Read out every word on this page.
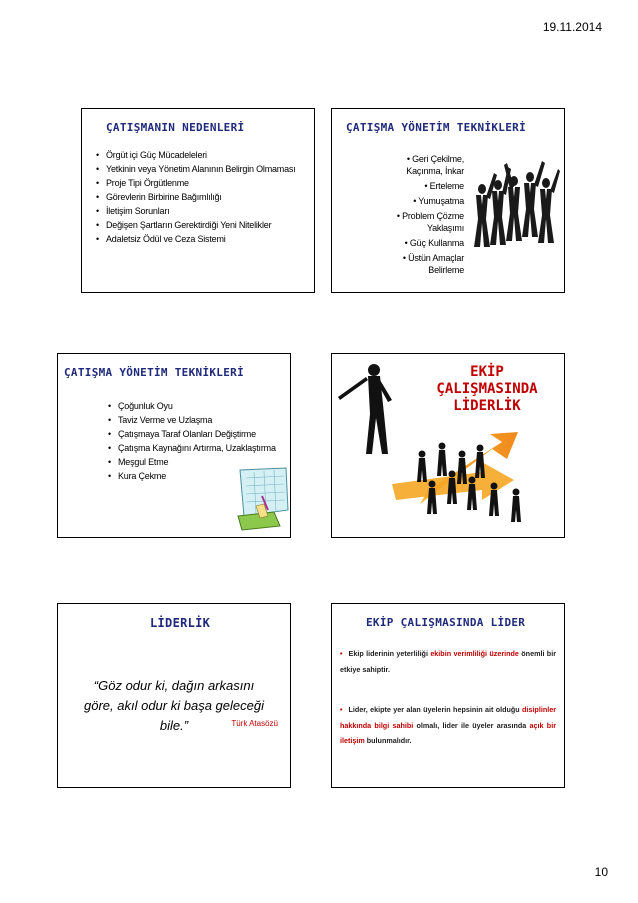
19.11.2014
ÇATIŞMANIN NEDENLERİ
• Örgüt içi Güç Mücadeleleri
• Yetkinin veya Yönetim Alanının Belirgin Olmaması
• Proje Tipi Örgütlenme
• Görevlerin Birbirine Bağımlılığı
• İletişim Sorunları
• Değişen Şartların Gerektirdiği Yeni Nitelikler
• Adaletsiz Ödül ve Ceza Sistemi
ÇATIŞMA YÖNETİM TEKNİKLERİ
• Geri Çekilme, Kaçınma, İnkar
• Erteleme
• Yumuşatma
• Problem Çözme Yaklaşımı
• Güç Kullanma
• Üstün Amaçlar Belirleme
ÇATIŞMA YÖNETİM TEKNİKLERİ
• Çoğunluk Oyu
• Taviz Verme ve Uzlaşma
• Çatışmaya Taraf Olanları Değiştirme
• Çatışma Kaynağını Artırma, Uzaklaştırma
• Meşgul Etme
• Kura Çekme
EKİP
ÇALIŞMASINDA
LİDERLİK
LİDERLİK
“Göz odur ki, dağın arkasını göre, akıl odur ki başa geleceği bile.”	Türk Atasözü
EKİP ÇALIŞMASINDA LİDER
• Ekip liderinin yeterliliği ekibin verimliliği üzerinde önemli bir etkiye sahiptir.
• Lider, ekipte yer alan üyelerin hepsinin ait olduğu disiplinler hakkında bilgi sahibi olmalı, lider ile üyeler arasında açık bir iletişim bulunmalıdır.
10
